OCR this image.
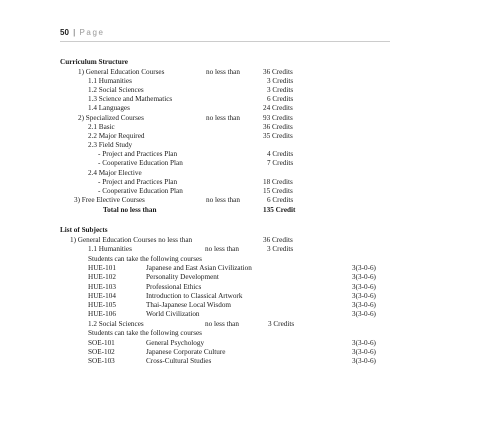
50 | Page
Curriculum Structure
1) General Education Courses	no less than	36 Credits
1.1 Humanities	3 Credits
1.2 Social Sciences	3 Credits
1.3 Science and Mathematics	6 Credits
1.4 Languages	24 Credits
2) Specialized Courses	no less than	93 Credits
2.1 Basic	36 Credits
2.2 Major Required	35 Credits
2.3 Field Study
- Project and Practices Plan	4 Credits
- Cooperative Education Plan	7 Credits
2.4 Major Elective
- Project and Practices Plan	18 Credits
- Cooperative Education Plan	15 Credits
3) Free Elective Courses	no less than	6 Credits
Total no less than	135 Credit
List of Subjects
1) General Education Courses no less than	36 Credits
1.1 Humanities	no less than	3 Credits
Students can take the following courses
HUE-101	Japanese and East Asian Civilization	3(3-0-6)
HUE-102	Personality Development	3(3-0-6)
HUE-103	Professional Ethics	3(3-0-6)
HUE-104	Introduction to Classical Artwork	3(3-0-6)
HUE-105	Thai-Japanese Local Wisdom	3(3-0-6)
HUE-106	World Civilization	3(3-0-6)
1.2 Social Sciences	no less than	3 Credits
Students can take the following courses
SOE-101	General Psychology	3(3-0-6)
SOE-102	Japanese Corporate Culture	3(3-0-6)
SOE-103	Cross-Cultural Studies	3(3-0-6)
